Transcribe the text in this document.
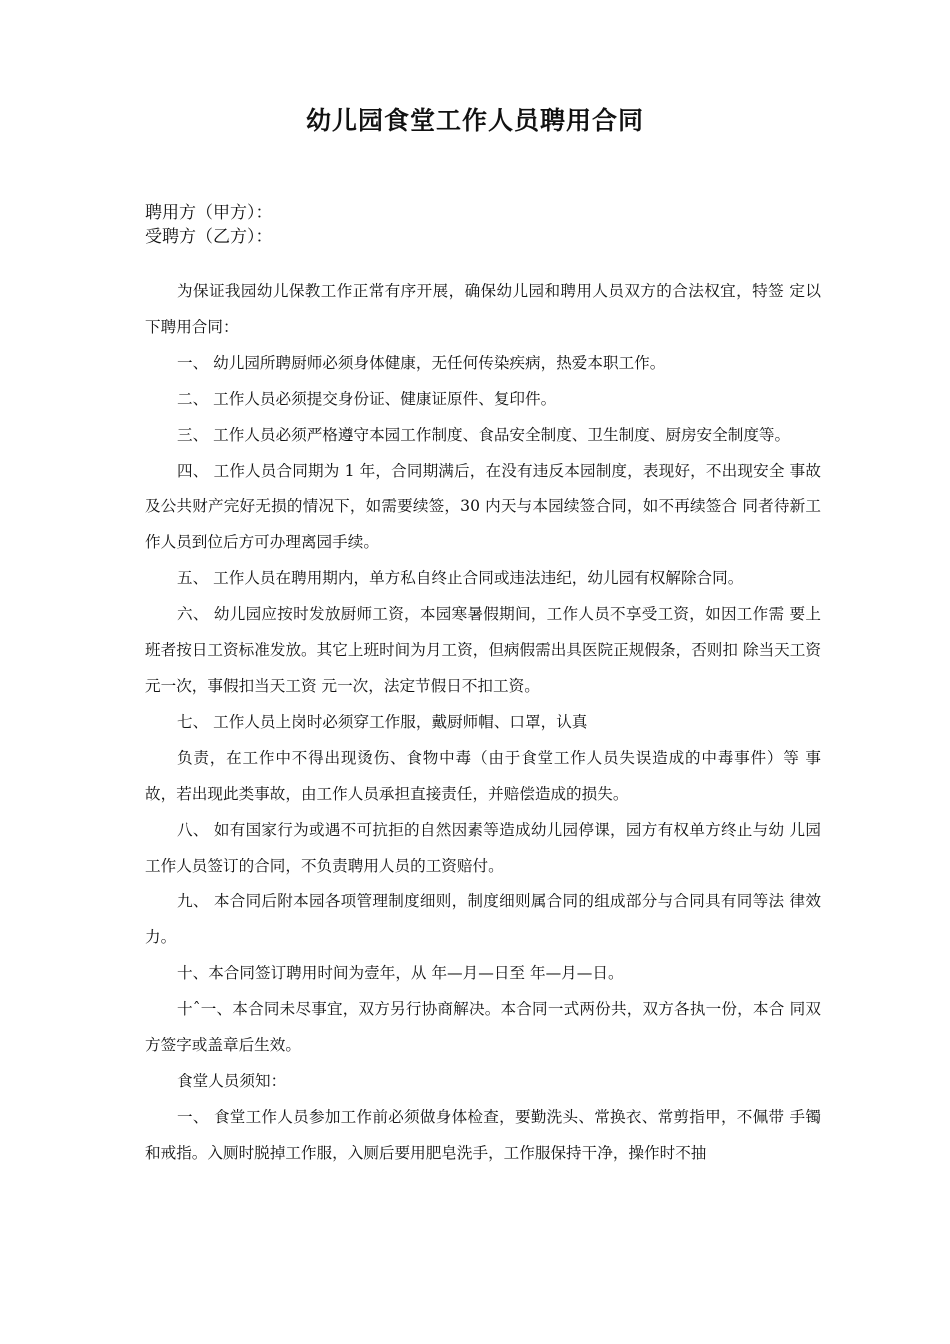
幼儿园食堂工作人员聘用合同
聘用方（甲方）：
受聘方（乙方）：

为保证我园幼儿保教工作正常有序开展，确保幼儿园和聘用人员双方的合法权宜，特签 定以下聘用合同：

一、 幼儿园所聘厨师必须身体健康，无任何传染疾病，热爱本职工作。

二、 工作人员必须提交身份证、健康证原件、复印件。

三、 工作人员必须严格遵守本园工作制度、食品安全制度、卫生制度、厨房安全制度等。

四、 工作人员合同期为 1 年，合同期满后，在没有违反本园制度，表现好，不出现安全 事故及公共财产完好无损的情况下，如需要续签，30 内天与本园续签合同，如不再续签合 同者待新工作人员到位后方可办理离园手续。

五、 工作人员在聘用期内，单方私自终止合同或违法违纪，幼儿园有权解除合同。

六、 幼儿园应按时发放厨师工资，本园寒暑假期间，工作人员不享受工资，如因工作需 要上班者按日工资标准发放。其它上班时间为月工资，但病假需出具医院正规假条，否则扣 除当天工资 元一次，事假扣当天工资 元一次，法定节假日不扣工资。

七、 工作人员上岗时必须穿工作服，戴厨师帽、口罩，认真

负责，在工作中不得出现烫伤、食物中毒（由于食堂工作人员失误造成的中毒事件）等 事故，若出现此类事故，由工作人员承担直接责任，并赔偿造成的损失。

八、 如有国家行为或遇不可抗拒的自然因素等造成幼儿园停课，园方有权单方终止与幼 儿园工作人员签订的合同，不负责聘用人员的工资赔付。

九、 本合同后附本园各项管理制度细则，制度细则属合同的组成部分与合同具有同等法 律效力。

十、本合同签订聘用时间为壹年，从 年—月—日至 年—月—日。

十ˆ一、本合同未尽事宜，双方另行协商解决。本合同一式两份共，双方各执一份，本合 同双方签字或盖章后生效。

食堂人员须知：

一、 食堂工作人员参加工作前必须做身体检查，要勤洗头、常换衣、常剪指甲，不佩带 手镯和戒指。入厕时脱掉工作服，入厕后要用肥皂洗手，工作服保持干净，操作时不抽
